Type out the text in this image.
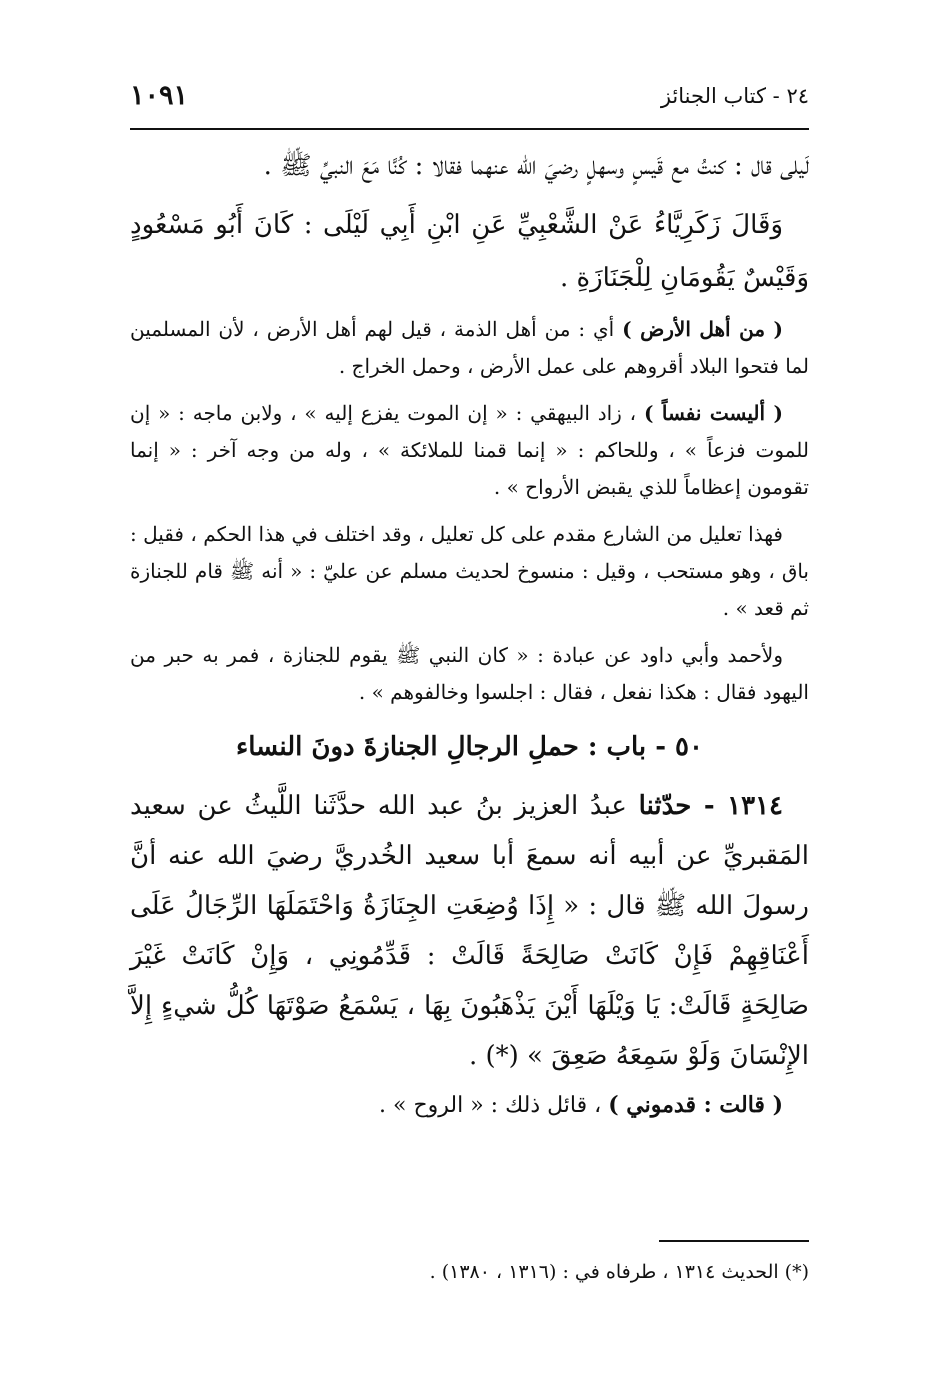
٢٤ - كتاب الجنائز
١٠٩١

لَيلى قال : كنتُ مع قَيسٍ وسهلٍ رضيَ الله عنهما فقالا : كُنَّا مَعَ النبيِّ ﷺ .

وَقَالَ زَكَرِيَّاءُ عَنْ الشَّعْبِيِّ عَنِ ابْنِ أَبِي لَيْلَى : كَانَ أَبُو مَسْعُودٍ وَقَيْسٌ يَقُومَانِ لِلْجَنَازَةِ .

( من أهل الأرض ) أي : من أهل الذمة ، قيل لهم أهل الأرض ، لأن المسلمين لما فتحوا البلاد أقروهم على عمل الأرض ، وحمل الخراج .

( أليست نفساً ) ، زاد البيهقي : « إن الموت يفزع إليه » ، ولابن ماجه : « إن للموت فزعاً » ، وللحاكم : « إنما قمنا للملائكة » ، وله من وجه آخر : « إنما تقومون إعظاماً للذي يقبض الأرواح » .

فهذا تعليل من الشارع مقدم على كل تعليل ، وقد اختلف في هذا الحكم ، فقيل : باق ، وهو مستحب ، وقيل : منسوخ لحديث مسلم عن عليّ : « أنه ﷺ قام للجنازة ثم قعد » .

ولأحمد وأبي داود عن عبادة : « كان النبي ﷺ يقوم للجنازة ، فمر به حبر من اليهود فقال : هكذا نفعل ، فقال : اجلسوا وخالفوهم » .

٥٠ - باب : حملِ الرجالِ الجنازةَ دونَ النساء

١٣١٤ - حدّثنا عبدُ العزيز بنُ عبد الله حدَّثَنا اللَّيثُ عن سعيد المَقبريِّ عن أبيه أنه سمعَ أبا سعيد الخُدريَّ رضيَ الله عنه أنَّ رسولَ الله ﷺ قال : « إِذَا وُضِعَتِ الجِنَازَةُ وَاحْتَمَلَهَا الرِّجَالُ عَلَى أَعْنَاقِهِمْ فَإِنْ كَانَتْ صَالِحَةً قَالَتْ : قَدِّمُونِي ، وَإِنْ كَانَتْ غَيْرَ صَالِحَةٍ قَالَتْ: يَا وَيْلَهَا أَيْنَ يَذْهَبُونَ بِهَا ، يَسْمَعُ صَوْتَهَا كُلُّ شيءٍ إِلاَّ الإِنْسَانَ وَلَوْ سَمِعَهُ صَعِقَ » (*) .

( قالت : قدموني ) ، قائل ذلك : « الروح » .

(*) الحديث ١٣١٤ ، طرفاه في : (١٣١٦ ، ١٣٨٠) .
